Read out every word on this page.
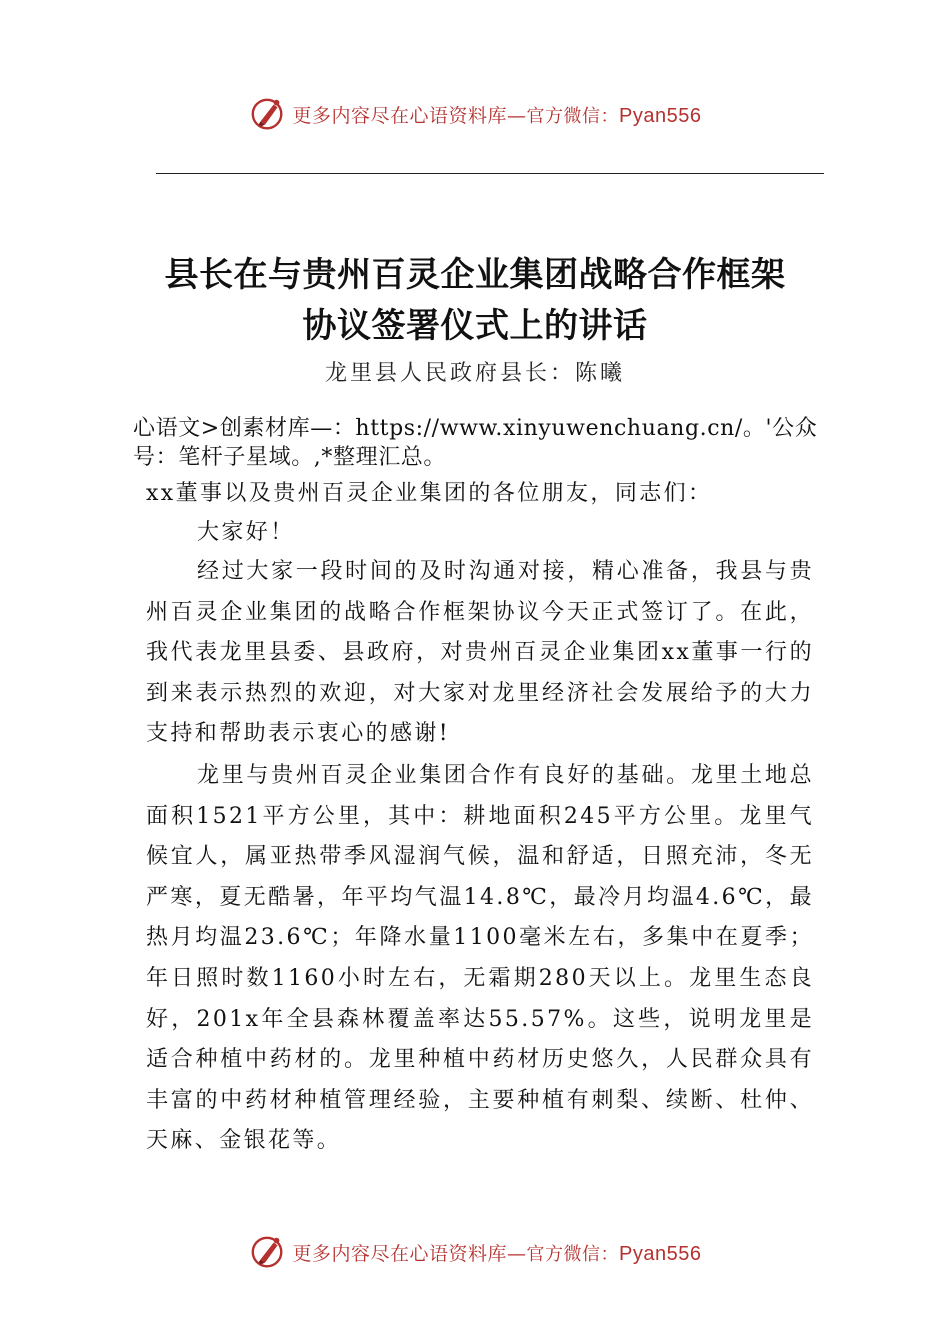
更多内容尽在心语资料库—官方微信：Pyan556
县长在与贵州百灵企业集团战略合作框架
协议签署仪式上的讲话
龙里县人民政府县长：陈曦

心语文>创素材库—：https://www.xinyuwenchuang.cn/。'公众号：笔杆子星域。,*整理汇总。

xx董事以及贵州百灵企业集团的各位朋友，同志们：

大家好！

经过大家一段时间的及时沟通对接，精心准备，我县与贵州百灵企业集团的战略合作框架协议今天正式签订了。在此，我代表龙里县委、县政府，对贵州百灵企业集团xx董事一行的到来表示热烈的欢迎，对大家对龙里经济社会发展给予的大力支持和帮助表示衷心的感谢!

龙里与贵州百灵企业集团合作有良好的基础。龙里土地总面积1521平方公里，其中：耕地面积245平方公里。龙里气候宜人，属亚热带季风湿润气候，温和舒适，日照充沛，冬无严寒，夏无酷暑，年平均气温14.8℃，最冷月均温4.6℃，最热月均温23.6℃；年降水量1100毫米左右，多集中在夏季；年日照时数1160小时左右，无霜期280天以上。龙里生态良好，201x年全县森林覆盖率达55.57%。这些，说明龙里是适合种植中药材的。龙里种植中药材历史悠久，人民群众具有丰富的中药材种植管理经验，主要种植有刺梨、续断、杜仲、天麻、金银花等。

更多内容尽在心语资料库—官方微信：Pyan556
